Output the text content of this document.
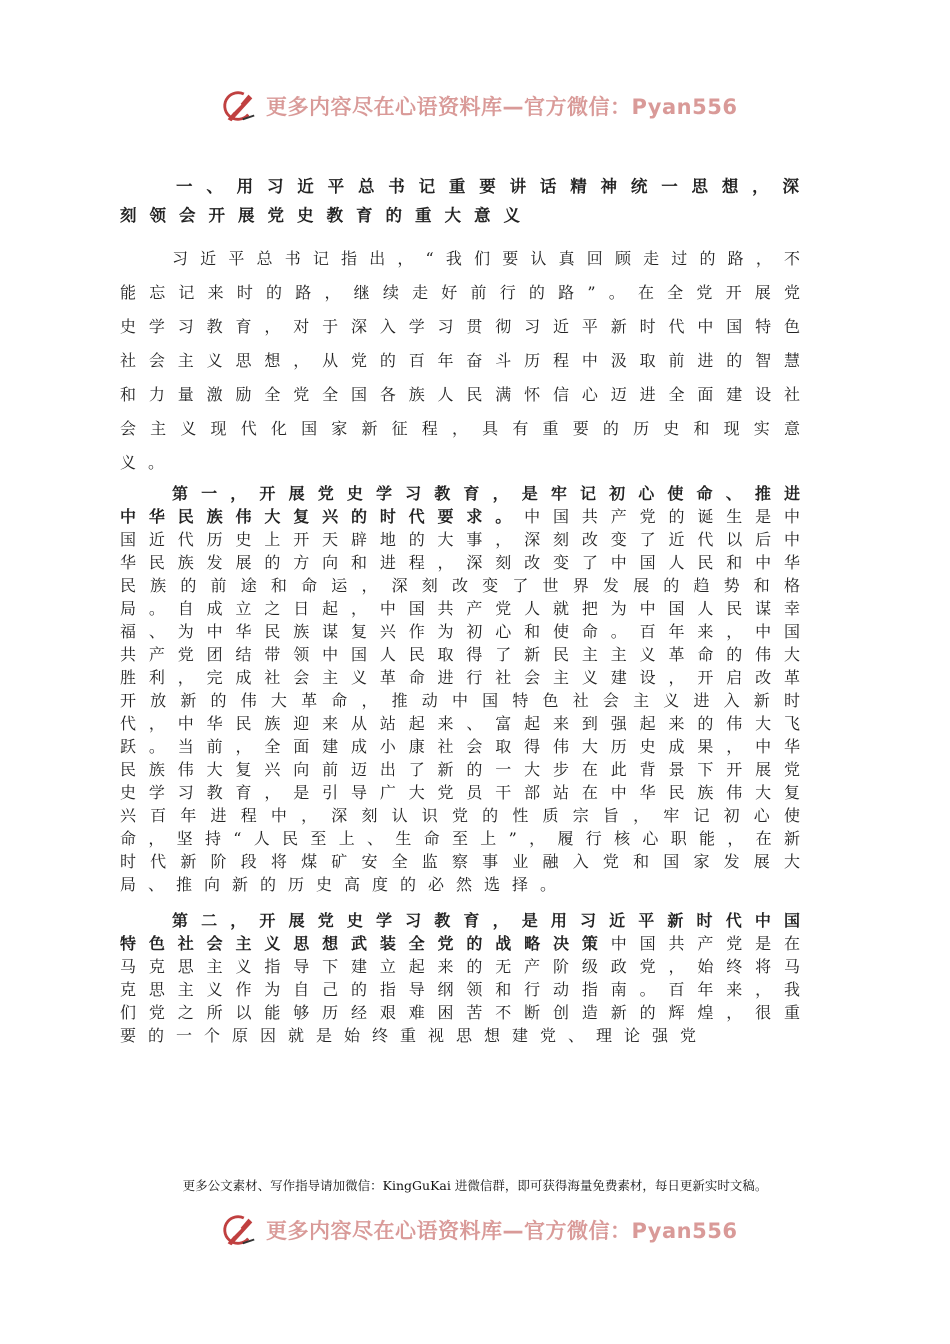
更多内容尽在心语资料库—官方微信：Pyan556
一、用习近平总书记重要讲话精神统一思想，深刻领会开展党史教育的重大意义
习近平总书记指出，“我们要认真回顾走过的路，不能忘记来时的路，继续走好前行的路”。在全党开展党史学习教育，对于深入学习贯彻习近平新时代中国特色社会主义思想，从党的百年奋斗历程中汲取前进的智慧和力量激励全党全国各族人民满怀信心迈进全面建设社会主义现代化国家新征程，具有重要的历史和现实意义。
第一，开展党史学习教育，是牢记初心使命、推进中华民族伟大复兴的时代要求。中国共产党的诞生是中国近代历史上开天辟地的大事，深刻改变了近代以后中华民族发展的方向和进程，深刻改变了中国人民和中华民族的前途和命运，深刻改变了世界发展的趋势和格局。自成立之日起，中国共产党人就把为中国人民谋幸福、为中华民族谋复兴作为初心和使命。百年来，中国共产党团结带领中国人民取得了新民主主义革命的伟大胜利，完成社会主义革命进行社会主义建设，开启改革开放新的伟大革命，推动中国特色社会主义进入新时代，中华民族迎来从站起来、富起来到强起来的伟大飞跃。当前，全面建成小康社会取得伟大历史成果，中华民族伟大复兴向前迈出了新的一大步在此背景下开展党史学习教育，是引导广大党员干部站在中华民族伟大复兴百年进程中，深刻认识党的性质宗旨，牢记初心使命，坚持“人民至上、生命至上”，履行核心职能，在新时代新阶段将煤矿安全监察事业融入党和国家发展大局、推向新的历史高度的必然选择。
第二，开展党史学习教育，是用习近平新时代中国特色社会主义思想武装全党的战略决策中国共产党是在马克思主义指导下建立起来的无产阶级政党，始终将马克思主义作为自己的指导纲领和行动指南。百年来，我们党之所以能够历经艰难困苦不断创造新的辉煌，很重要的一个原因就是始终重视思想建党、理论强党
更多公文素材、写作指导请加微信：KingGuKai 进微信群，即可获得海量免费素材，每日更新实时文稿。
更多内容尽在心语资料库—官方微信：Pyan556
